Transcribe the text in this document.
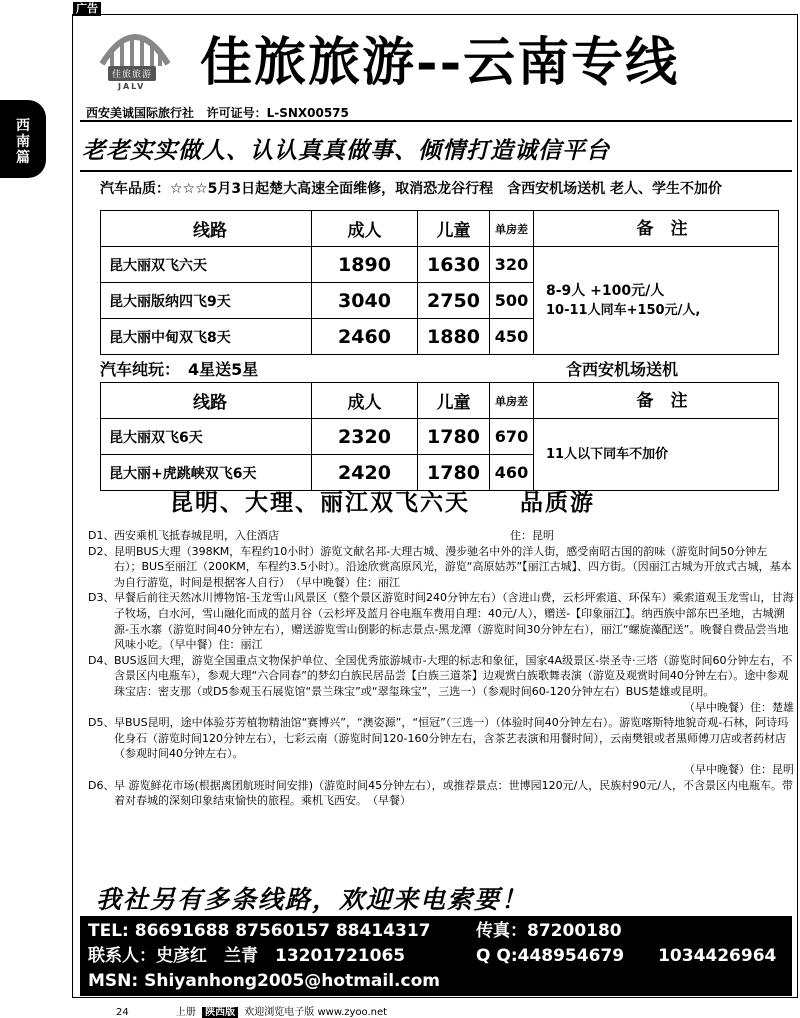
广告
西
南
篇
佳旅旅游
JALV 佳旅旅游--云南专线
西安美诚国际旅行社 许可证号：L-SNX00575
老老实实做人、认认真真做事、倾情打造诚信平台
汽车品质：☆☆☆5月3日起楚大高速全面维修，取消恐龙谷行程　含西安机场送机 老人、学生不加价
线路	成人	儿童	单房差	备　注
昆大丽双飞六天	1890	1630	320	8-9人 +100元/人
10-11人同车+150元/人,

昆大丽版纳四飞9天	3040	2750	500	
昆大丽中甸双飞8天	2460	1880	450	
汽车纯玩：　4星送5星	含西安机场送机
线路	成人	儿童	单房差	备　注
昆大丽双飞6天	2320	1780	670	11人以下同车不加价
昆大丽+虎跳峡双飞6天	2420	1780	460	
昆明、大理、丽江双飞六天 品质游
D1、 西安乘机飞抵春城昆明，入住酒店　　　　　　　　　　　　　　　　　　　　　住：昆明
D2、 昆明BUS大理（398KM，车程约10小时）游览文献名邦-大理古城、漫步驰名中外的洋人街，感受南昭古国的韵味（游览时间50分钟左右）；BUS至丽江（200KM，车程约3.5小时）。沿途欣赏高原风光，游览“高原姑苏”【丽江古城】、四方街。（因丽江古城为开放式古城，基本为自行游览，时间是根据客人自行）　（早中晚餐）住：丽江
D3、 早餐后前往天然冰川博物馆-玉龙雪山风景区（整个景区游览时间240分钟左右）（含进山费，云杉坪索道、环保车）乘索道观玉龙雪山，甘海子牧场，白水河，雪山融化而成的蓝月谷（云杉坪及蓝月谷电瓶车费用自理：40元/人），赠送-【印象丽江】。纳西族中部东巴圣地，古城溯源-玉水寨（游览时间40分钟左右），赠送游览雪山倒影的标志景点-黑龙潭（游览时间30分钟左右），丽江“螺旋藻配送”。晚餐自费品尝当地风味小吃。（早中餐）住：丽江
D4、 BUS返回大理，游览全国重点文物保护单位、全国优秀旅游城市-大理的标志和象征，国家4A级景区-崇圣寺·三塔（游览时间60分钟左右，不含景区内电瓶车），参观大理“六合同春”的梦幻白族民居品尝【白族三道茶】边观赏白族歌舞表演（游览及观赏时间40分钟左右）。途中参观珠宝店：密支那（或D5参观玉石展览馆“景兰珠宝”或“翠玺珠宝”，三选一）（参观时间60-120分钟左右）BUS楚雄或昆明。
（早中晚餐）住：楚雄
D5、 早BUS昆明，途中体验芬芳植物精油馆“赛博兴”，“澳姿源”，“恒冠”（三选一）（体验时间40分钟左右）。游览喀斯特地貌奇观-石林，阿诗玛化身石（游览时间120分钟左右），七彩云南（游览时间120-160分钟左右，含茶艺表演和用餐时间），云南樊银或者黑师傅刀店或者药材店（参观时间40分钟左右）。
（早中晚餐）住：昆明
D6、 早 游览鲜花市场(根据离团航班时间安排)（游览时间45分钟左右），或推荐景点：世博园120元/人，民族村90元/人，不含景区内电瓶车。带着对春城的深刻印象结束愉快的旅程。乘机飞西安。　（早餐）
我社另有多条线路，欢迎来电索要！
TEL: 86691688 87560157 88414317	传真：87200180
联系人：史彦红　兰青　13201721065	Q Q:448954679　　1034426964
MSN: Shiyanhong2005@hotmail.com
24	上册 陕西版 欢迎浏览电子版 www.zyoo.net
